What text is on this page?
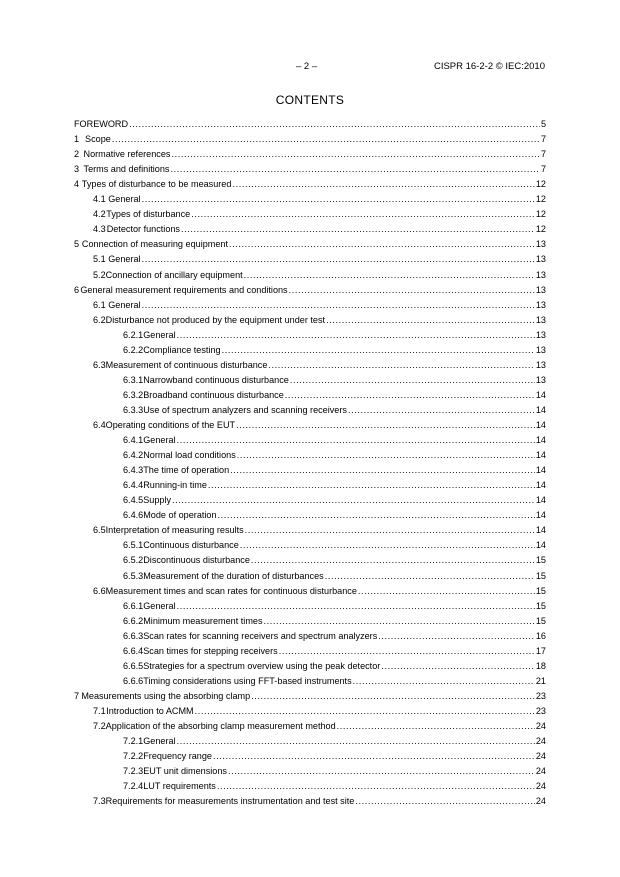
– 2 –	CISPR 16-2-2 © IEC:2010
CONTENTS
FOREWORD .....	5
1 Scope .....	7
2 Normative references .....	7
3 Terms and definitions .....	7
4 Types of disturbance to be measured .....	12
4.1 General .....	12
4.2 Types of disturbance .....	12
4.3 Detector functions .....	12
5 Connection of measuring equipment .....	13
5.1 General .....	13
5.2 Connection of ancillary equipment .....	13
6 General measurement requirements and conditions .....	13
6.1 General .....	13
6.2 Disturbance not produced by the equipment under test .....	13
6.2.1 General .....	13
6.2.2 Compliance testing .....	13
6.3 Measurement of continuous disturbance .....	13
6.3.1 Narrowband continuous disturbance .....	13
6.3.2 Broadband continuous disturbance .....	14
6.3.3 Use of spectrum analyzers and scanning receivers .....	14
6.4 Operating conditions of the EUT .....	14
6.4.1 General .....	14
6.4.2 Normal load conditions .....	14
6.4.3 The time of operation .....	14
6.4.4 Running-in time .....	14
6.4.5 Supply .....	14
6.4.6 Mode of operation .....	14
6.5 Interpretation of measuring results .....	14
6.5.1 Continuous disturbance .....	14
6.5.2 Discontinuous disturbance .....	15
6.5.3 Measurement of the duration of disturbances .....	15
6.6 Measurement times and scan rates for continuous disturbance .....	15
6.6.1 General .....	15
6.6.2 Minimum measurement times .....	15
6.6.3 Scan rates for scanning receivers and spectrum analyzers .....	16
6.6.4 Scan times for stepping receivers .....	17
6.6.5 Strategies for a spectrum overview using the peak detector .....	18
6.6.6 Timing considerations using FFT-based instruments .....	21
7 Measurements using the absorbing clamp .....	23
7.1 Introduction to ACMM .....	23
7.2 Application of the absorbing clamp measurement method .....	24
7.2.1 General .....	24
7.2.2 Frequency range .....	24
7.2.3 EUT unit dimensions .....	24
7.2.4 LUT requirements .....	24
7.3 Requirements for measurements instrumentation and test site .....	24
